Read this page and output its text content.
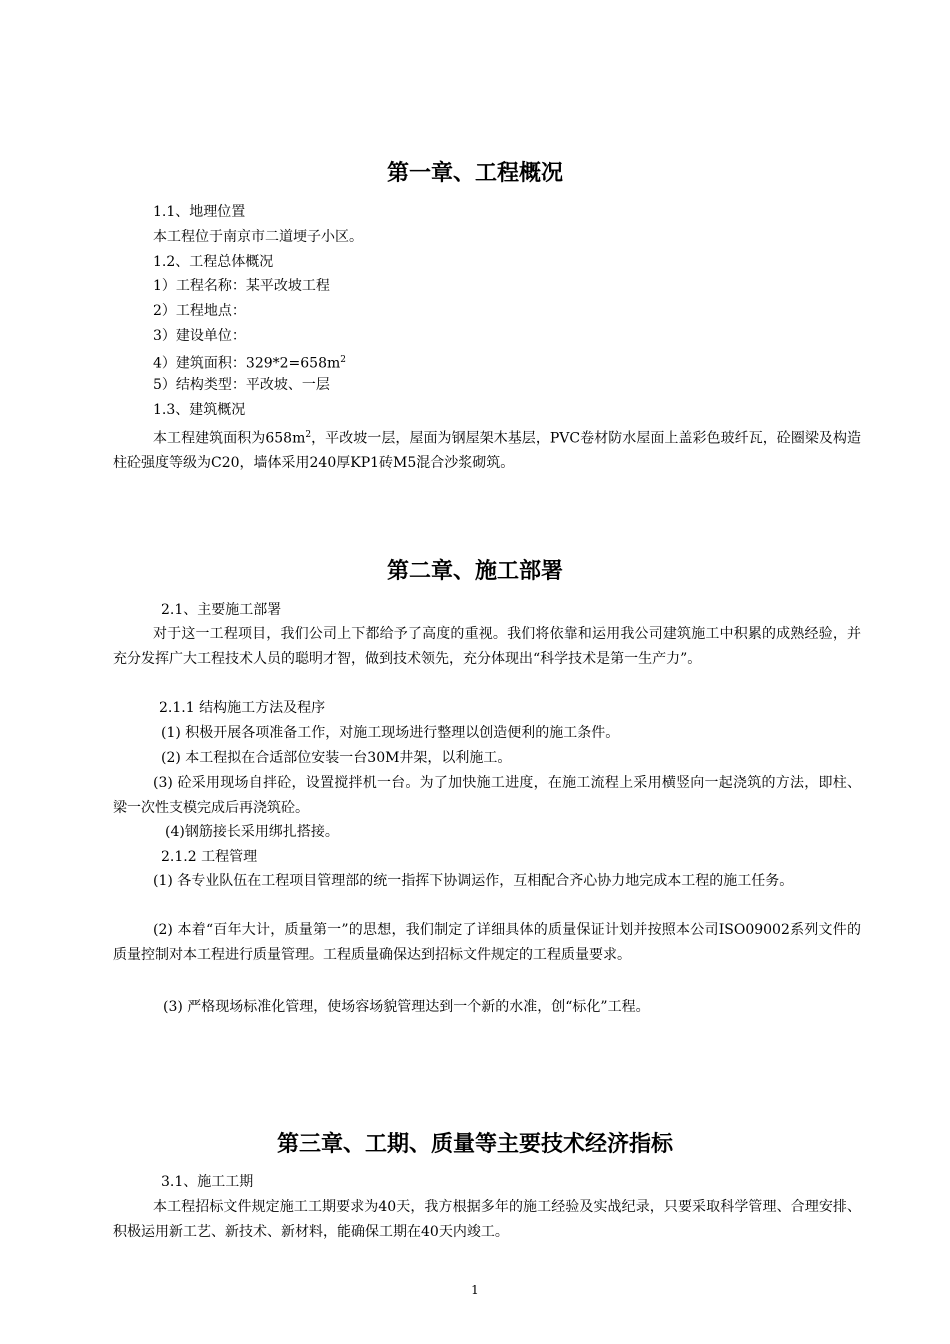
第一章、工程概况

1.1、地理位置

本工程位于南京市二道埂子小区。

1.2、工程总体概况

1）工程名称：某平改坡工程

2）工程地点：

3）建设单位：

4）建筑面积：$329*2=658m^2$

5）结构类型：平改坡、一层

1.3、建筑概况

本工程建筑面积为$658m^2$，平改坡一层，屋面为钢屋架木基层，PVC卷材防水屋面上盖彩色玻纤瓦，砼圈梁及构造柱砼强度等级为C20，墙体采用240厚KP1砖M5混合沙浆砌筑。

第二章、施工部署

2.1、主要施工部署

对于这一工程项目，我们公司上下都给予了高度的重视。我们将依靠和运用我公司建筑施工中积累的成熟经验，并充分发挥广大工程技术人员的聪明才智，做到技术领先，充分体现出“科学技术是第一生产力”。

2.1.1 结构施工方法及程序

(1) 积极开展各项准备工作，对施工现场进行整理以创造便利的施工条件。

(2) 本工程拟在合适部位安装一台30M井架，以利施工。

(3) 砼采用现场自拌砼，设置搅拌机一台。为了加快施工进度，在施工流程上采用横竖向一起浇筑的方法，即柱、梁一次性支模完成后再浇筑砼。

(4)钢筋接长采用绑扎搭接。

2.1.2 工程管理

(1) 各专业队伍在工程项目管理部的统一指挥下协调运作，互相配合齐心协力地完成本工程的施工任务。

(2) 本着“百年大计，质量第一”的思想，我们制定了详细具体的质量保证计划并按照本公司ISO09002系列文件的质量控制对本工程进行质量管理。工程质量确保达到招标文件规定的工程质量要求。

(3) 严格现场标准化管理，使场容场貌管理达到一个新的水准，创“标化”工程。

第三章、工期、质量等主要技术经济指标

3.1、施工工期

本工程招标文件规定施工工期要求为40天，我方根据多年的施工经验及实战纪录，只要采取科学管理、合理安排、积极运用新工艺、新技术、新材料，能确保工期在40天内竣工。

1
